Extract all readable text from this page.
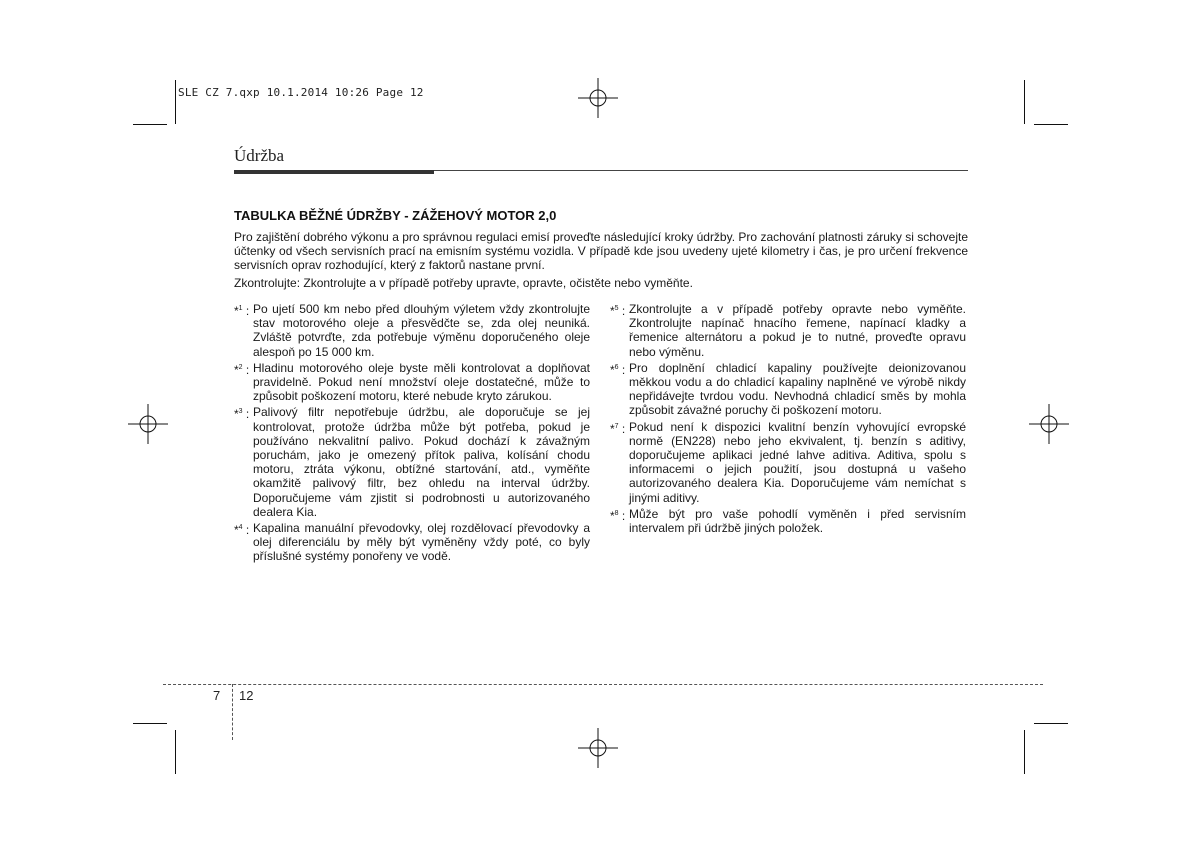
SLE CZ 7.qxp 10.1.2014 10:26 Page 12
Údržba
TABULKA BĚŽNÉ ÚDRŽBY - ZÁŽEHOVÝ MOTOR 2,0

Pro zajištění dobrého výkonu a pro správnou regulaci emisí proveďte následující kroky údržby. Pro zachování platnosti záruky si schovejte účtenky od všech servisních prací na emisním systému vozidla. V případě kde jsou uvedeny ujeté kilometry i čas, je pro určení frekvence servisních oprav rozhodující, který z faktorů nastane první.

Zkontrolujte: Zkontrolujte a v případě potřeby upravte, opravte, očistěte nebo vyměňte.
*$^1$ : Po ujetí 500 km nebo před dlouhým výletem vždy zkontrolujte stav motorového oleje a přesvědčte se, zda olej neuniká. Zvláště potvrďte, zda potřebuje výměnu doporučeného oleje alespoň po 15 000 km.
*$^2$ : Hladinu motorového oleje byste měli kontrolovat a doplňovat pravidelně. Pokud není množství oleje dostatečné, může to způsobit poškození motoru, které nebude kryto zárukou.
*$^3$ : Palivový filtr nepotřebuje údržbu, ale doporučuje se jej kontrolovat, protože údržba může být potřeba, pokud je používáno nekvalitní palivo. Pokud dochází k závažným poruchám, jako je omezený přítok paliva, kolísání chodu motoru, ztráta výkonu, obtížné startování, atd., vyměňte okamžitě palivový filtr, bez ohledu na interval údržby. Doporučujeme vám zjistit si podrobnosti u autorizovaného dealera Kia.
*$^4$ : Kapalina manuální převodovky, olej rozdělovací převodovky a olej diferenciálu by měly být vyměněny vždy poté, co byly příslušné systémy ponořeny ve vodě.
*$^5$ : Zkontrolujte a v případě potřeby opravte nebo vyměňte. Zkontrolujte napínač hnacího řemene, napínací kladky a řemenice alternátoru a pokud je to nutné, proveďte opravu nebo výměnu.
*$^6$ : Pro doplnění chladicí kapaliny používejte deionizovanou měkkou vodu a do chladicí kapaliny naplněné ve výrobě nikdy nepřidávejte tvrdou vodu. Nevhodná chladicí směs by mohla způsobit závažné poruchy či poškození motoru.
*$^7$ : Pokud není k dispozici kvalitní benzín vyhovující evropské normě (EN228) nebo jeho ekvivalent, tj. benzín s aditivy, doporučujeme aplikaci jedné lahve aditiva. Aditiva, spolu s informacemi o jejich použití, jsou dostupná u vašeho autorizovaného dealera Kia. Doporučujeme vám nemíchat s jinými aditivy.
*$^8$ : Může být pro vaše pohodlí vyměněn i před servisním intervalem při údržbě jiných položek.
7 12
